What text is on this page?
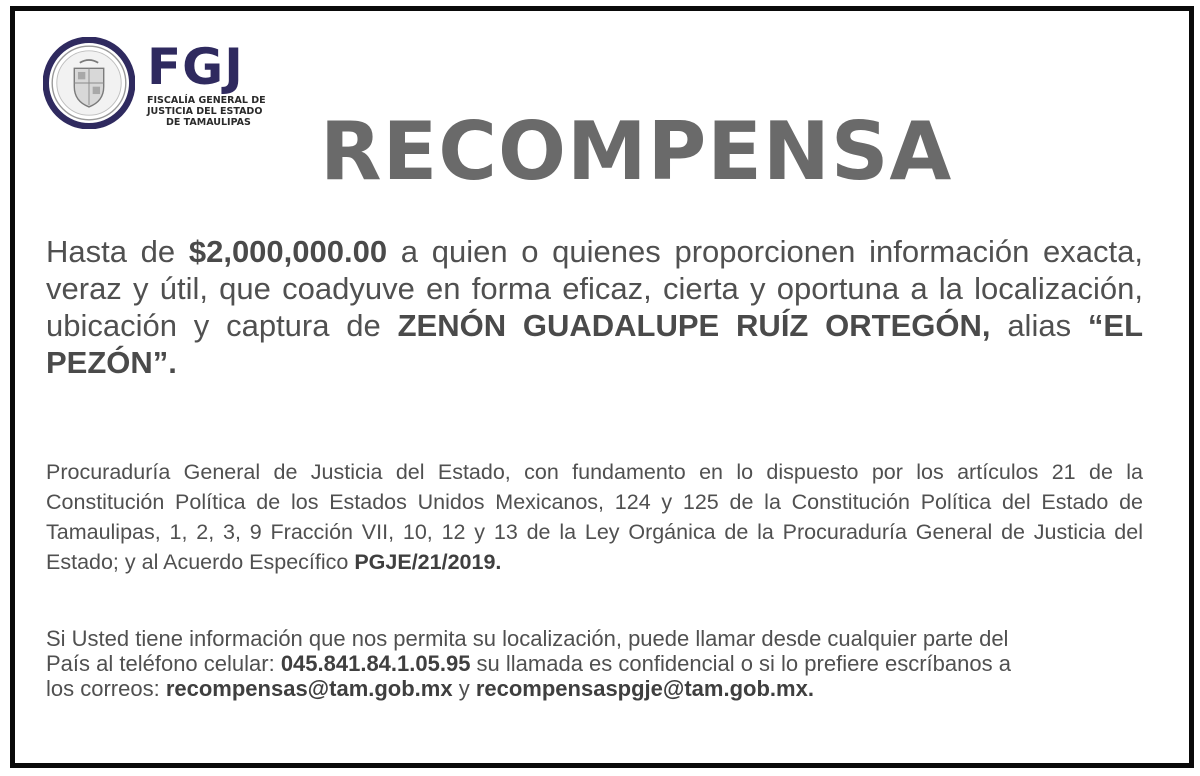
FGJ
FISCALÍA GENERAL DE
JUSTICIA DEL ESTADO
DE TAMAULIPAS RECOMPENSA
Hasta de $2,000,000.00 a quien o quienes proporcionen información exacta, veraz y útil, que coadyuve en forma eficaz, cierta y oportuna a la localización, ubicación y captura de ZENÓN GUADALUPE RUÍZ ORTEGÓN, alias “EL PEZÓN”.
Procuraduría General de Justicia del Estado, con fundamento en lo dispuesto por los artículos 21 de la Constitución Política de los Estados Unidos Mexicanos, 124 y 125 de la Constitución Política del Estado de Tamaulipas, 1, 2, 3, 9 Fracción VII, 10, 12 y 13 de la Ley Orgánica de la Procuraduría General de Justicia del Estado; y al Acuerdo Específico PGJE/21/2019.
Si Usted tiene información que nos permita su localización, puede llamar desde cualquier parte del
País al teléfono celular: 045.841.84.1.05.95 su llamada es confidencial o si lo prefiere escríbanos a
los correos: recompensas@tam.gob.mx y recompensaspgje@tam.gob.mx.
